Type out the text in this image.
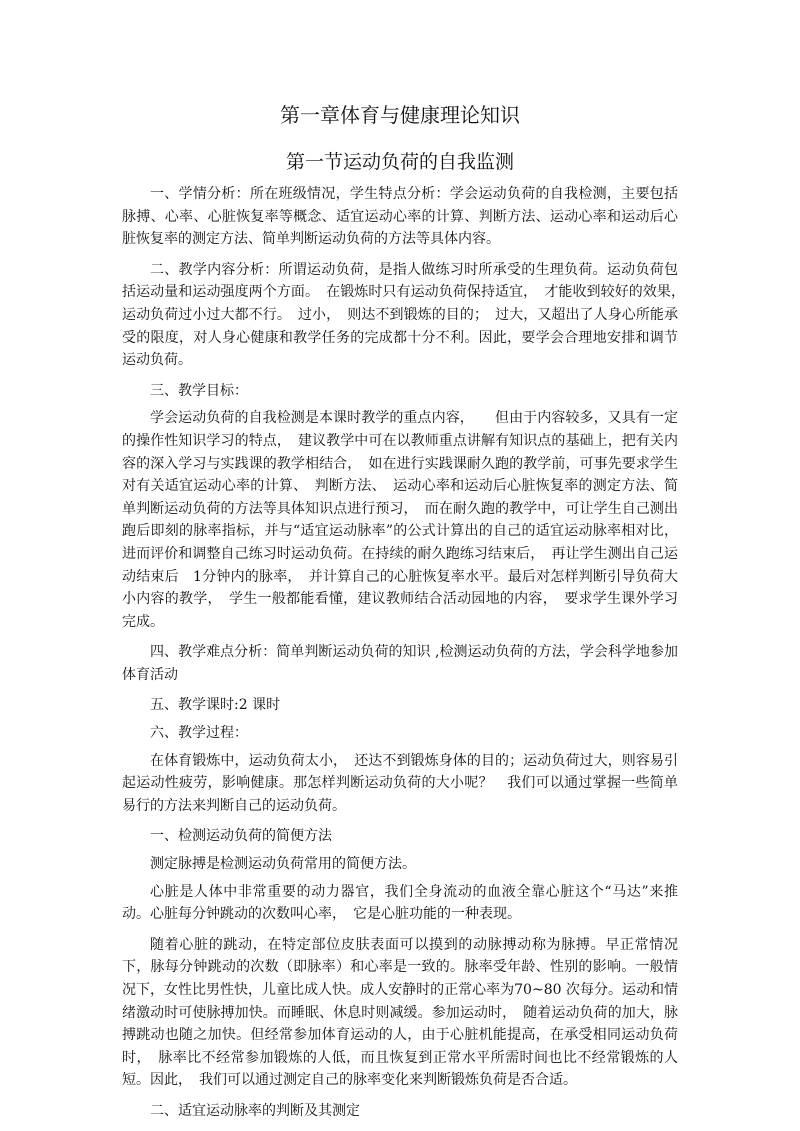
第一章体育与健康理论知识
第一节运动负荷的自我监测

一、学情分析：所在班级情况，学生特点分析：学会运动负荷的自我检测，主要包括脉搏、心率、心脏恢复率等概念、适宜运动心率的计算、判断方法、运动心率和运动后心脏恢复率的测定方法、简单判断运动负荷的方法等具体内容。

二、教学内容分析：所谓运动负荷，是指人做练习时所承受的生理负荷。运动负荷包括运动量和运动强度两个方面。　在锻炼时只有运动负荷保持适宜，　才能收到较好的效果，　运动负荷过小过大都不行。　过小，　则达不到锻炼的目的；　过大，又超出了人身心所能承受的限度，对人身心健康和教学任务的完成都十分不利。因此，要学会合理地安排和调节运动负荷。

三、教学目标：

学会运动负荷的自我检测是本课时教学的重点内容，　　但由于内容较多，又具有一定的操作性知识学习的特点，　建议教学中可在以教师重点讲解有知识点的基础上，把有关内容的深入学习与实践课的教学相结合，　如在进行实践课耐久跑的教学前，可事先要求学生对有关适宜运动心率的计算、　判断方法、　运动心率和运动后心脏恢复率的测定方法、简单判断运动负荷的方法等具体知识点进行预习，　而在耐久跑的教学中，可让学生自己测出跑后即刻的脉率指标，并与“适宜运动脉率”的公式计算出的自己的适宜运动脉率相对比，进而评价和调整自己练习时运动负荷。在持续的耐久跑练习结束后，　再让学生测出自己运动结束后　1分钟内的脉率，　并计算自己的心脏恢复率水平。最后对怎样判断引导负荷大小内容的教学，　学生一般都能看懂，建议教师结合活动园地的内容，　要求学生课外学习完成。

四、教学难点分析：简单判断运动负荷的知识 ,检测运动负荷的方法，学会科学地参加体育活动

五、教学课时:2 课时

六、教学过程：

在体育锻炼中，运动负荷太小，　还达不到锻炼身体的目的；运动负荷过大，则容易引起运动性疲劳，影响健康。那怎样判断运动负荷的大小呢？　我们可以通过掌握一些简单易行的方法来判断自己的运动负荷。

一、检测运动负荷的简便方法

测定脉搏是检测运动负荷常用的简便方法。

心脏是人体中非常重要的动力器官，我们全身流动的血液全靠心脏这个“马达”来推动。心脏每分钟跳动的次数叫心率，　它是心脏功能的一种表现。

随着心脏的跳动，在特定部位皮肤表面可以摸到的动脉搏动称为脉搏。早正常情况下，脉每分钟跳动的次数（即脉率）和心率是一致的。脉率受年龄、性别的影响。一般情况下，女性比男性快，儿童比成人快。成人安静时的正常心率为70~80 次每分。运动和情绪激动时可使脉搏加快。而睡眠、休息时则减缓。参加运动时，　随着运动负荷的加大，脉搏跳动也随之加快。但经常参加体育运动的人，由于心脏机能提高，在承受相同运动负荷时，　脉率比不经常参加锻炼的人低，而且恢复到正常水平所需时间也比不经常锻炼的人短。因此，　我们可以通过测定自己的脉率变化来判断锻炼负荷是否合适。

二、适宜运动脉率的判断及其测定
